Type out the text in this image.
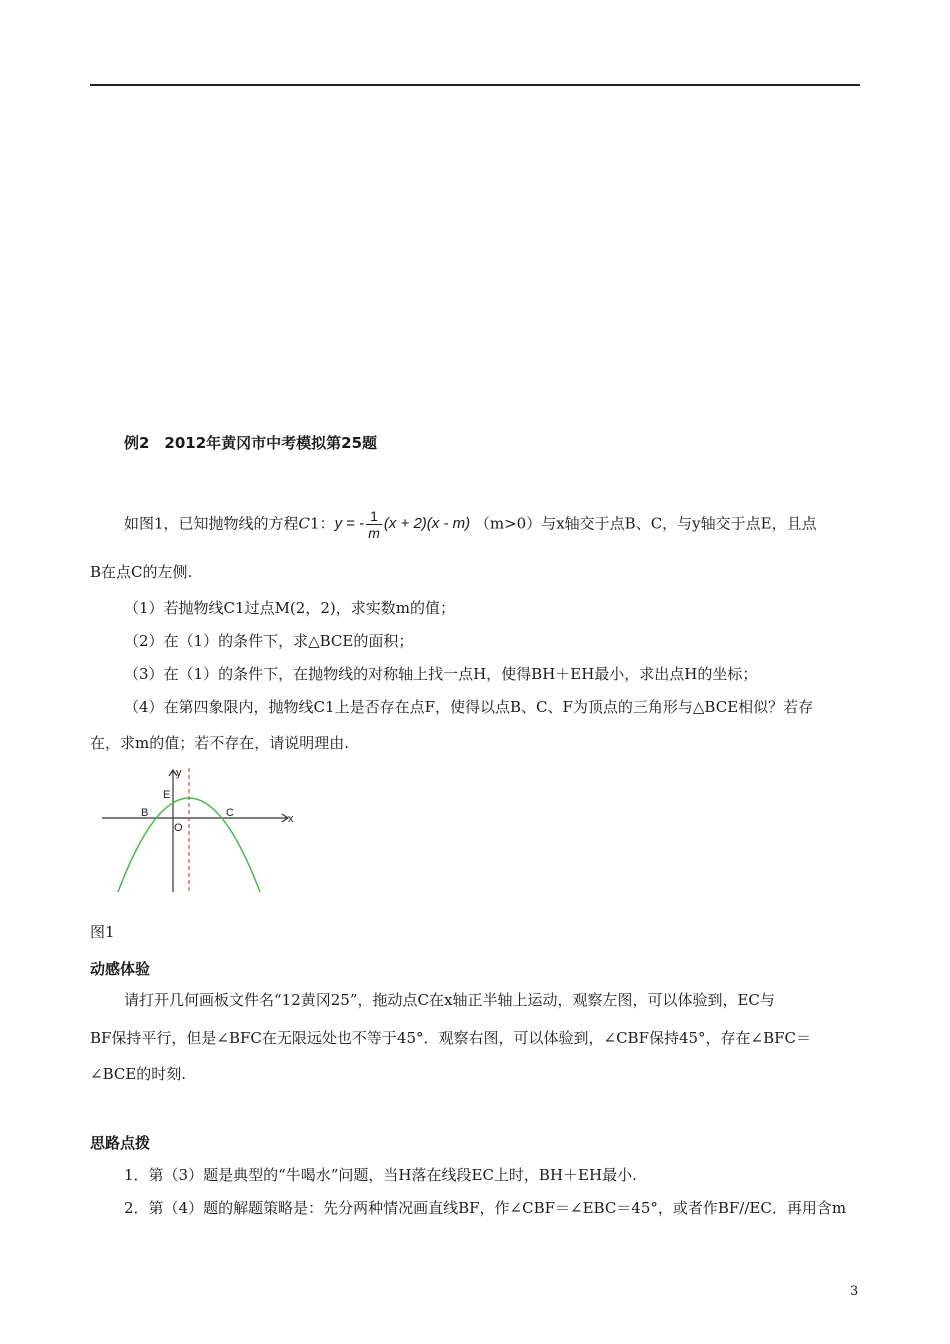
例2　2012年黄冈市中考模拟第25题
如图1，已知抛物线的方程C1：y = - $\frac{1}{m} (x + 2)(x - m)$ （m>0）与x轴交于点B、C，与y轴交于点E，且点
B在点C的左侧.
（1）若抛物线C1过点M(2，2)，求实数m的值；
（2）在（1）的条件下，求△BCE的面积；
（3）在（1）的条件下，在抛物线的对称轴上找一点H，使得BH＋EH最小，求出点H的坐标；
（4）在第四象限内，抛物线C1上是否存在点F，使得以点B、C、F为顶点的三角形与△BCE相似？若存
在，求m的值；若不存在，请说明理由.
y
x
E
B	C
O
图1
动感体验
请打开几何画板文件名“12黄冈25”，拖动点C在x轴正半轴上运动，观察左图，可以体验到，EC与
BF保持平行，但是∠BFC在无限远处也不等于45°．观察右图，可以体验到，∠CBF保持45°，存在∠BFC＝
∠BCE的时刻.
思路点拨
1．第（3）题是典型的“牛喝水”问题，当H落在线段EC上时，BH＋EH最小.
2．第（4）题的解题策略是：先分两种情况画直线BF，作∠CBF＝∠EBC＝45°，或者作BF//EC．再用含m
3
